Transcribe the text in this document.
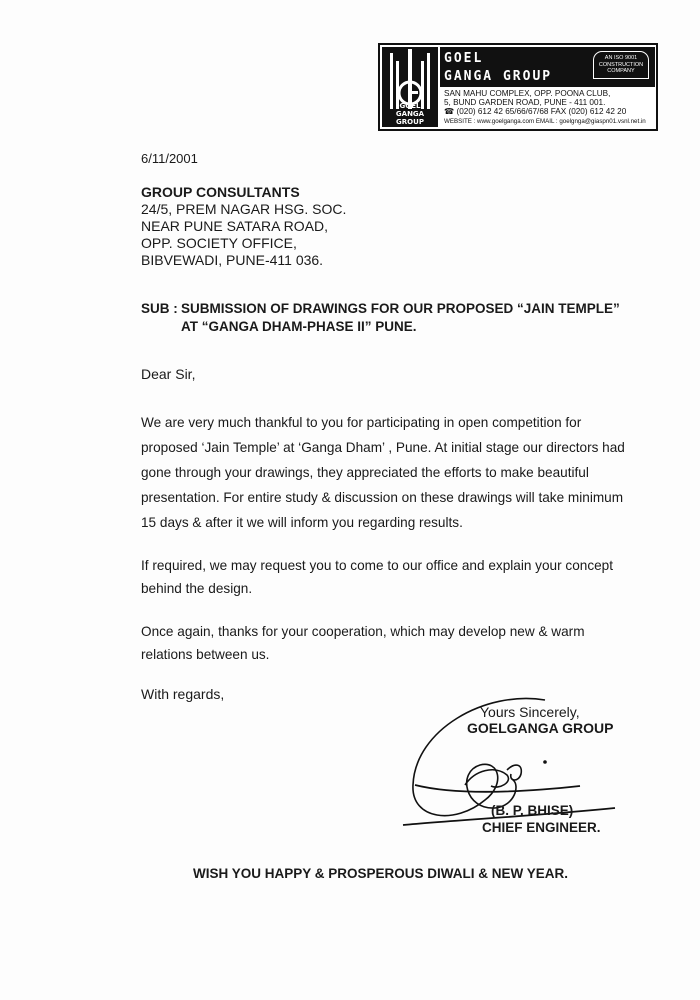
GOEL
GANGA
GROUP
GOEL
GANGA GROUP
AN ISO 9001
CONSTRUCTION
COMPANY
SAN MAHU COMPLEX, OPP. POONA CLUB,
5, BUND GARDEN ROAD, PUNE - 411 001.
☎ (020) 612 42 65/66/67/68 FAX (020) 612 42 20
WEBSITE : www.goelganga.com EMAIL : goelgnga@giaspn01.vsnl.net.in
6/11/2001
GROUP CONSULTANTS
24/5, PREM NAGAR HSG. SOC.
NEAR PUNE SATARA ROAD,
OPP. SOCIETY OFFICE,
BIBVEWADI, PUNE-411 036.
SUB : SUBMISSION OF DRAWINGS FOR OUR PROPOSED “JAIN TEMPLE”
AT “GANGA DHAM-PHASE II” PUNE.
Dear Sir,
We are very much thankful to you for participating in open competition for
proposed ‘Jain Temple’ at ‘Ganga Dham’ , Pune. At initial stage our directors had
gone through your drawings, they appreciated the efforts to make beautiful
presentation. For entire study & discussion on these drawings will take minimum
15 days & after it we will inform you regarding results.
If required, we may request you to come to our office and explain your concept
behind the design.
Once again, thanks for your cooperation, which may develop new & warm
relations between us.
With regards,
Yours Sincerely,
GOELGANGA GROUP
(B. P. BHISE)
CHIEF ENGINEER.
WISH YOU HAPPY & PROSPEROUS DIWALI & NEW YEAR.
